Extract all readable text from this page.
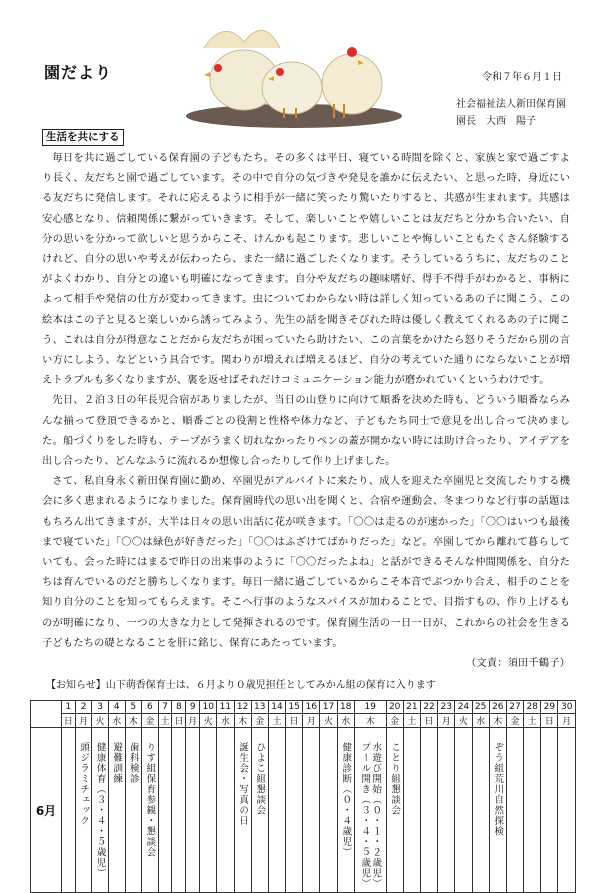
園だより	令和７年６月１日
社会福祉法人新田保育園
園長　大西　陽子
生活を共にする

毎日を共に過ごしている保育園の子どもたち。その多くは平日、寝ている時間を除くと、家族と家で過ごすより長く、友だちと園で過ごしています。その中で自分の気づきや発見を誰かに伝えたい、と思った時、身近にいる友だちに発信します。それに応えるように相手が一緒に笑ったり驚いたりすると、共感が生まれます。共感は安心感となり、信頼関係に繋がっていきます。そして、楽しいことや嬉しいことは友だちと分かち合いたい、自分の思いを分かって欲しいと思うからこそ、けんかも起こります。悲しいことや悔しいこともたくさん経験するけれど、自分の思いや考えが伝わったら、また一緒に過ごしたくなります。そうしているうちに、友だちのことがよくわかり、自分との違いも明確になってきます。自分や友だちの趣味嗜好、得手不得手がわかると、事柄によって相手や発信の仕方が変わってきます。虫についてわからない時は詳しく知っているあの子に聞こう、この絵本はこの子と見ると楽しいから誘ってみよう、先生の話を聞きそびれた時は優しく教えてくれるあの子に聞こう、これは自分が得意なことだから友だちが困っていたら助けたい、この言葉をかけたら怒りそうだから別の言い方にしよう、などという具合です。関わりが増えれば増えるほど、自分の考えていた通りにならないことが増えトラブルも多くなりますが、裏を返せばそれだけコミュニケーション能力が磨かれていくというわけです。

先日、２泊３日の年長児合宿がありましたが、当日の山登りに向けて順番を決めた時も、どういう順番ならみんな揃って登頂できるかと、順番ごとの役割と性格や体力など、子どもたち同士で意見を出し合って決めました。船づくりをした時も、テープがうまく切れなかったりペンの蓋が開かない時には助け合ったり、アイデアを出し合ったり、どんなふうに流れるか想像し合ったりして作り上げました。

さて、私自身永く新田保育園に勤め、卒園児がアルバイトに来たり、成人を迎えた卒園児と交流したりする機会に多く恵まれるようになりました。保育園時代の思い出を聞くと、合宿や運動会、冬まつりなど行事の話題はもちろん出てきますが、大半は日々の思い出話に花が咲きます。「〇〇は走るのが速かった」「〇〇はいつも最後まで寝ていた」「〇〇は緑色が好きだった」「〇〇はふざけてばかりだった」など。卒園してから離れて暮らしていても、会った時にはまるで昨日の出来事のように「〇〇だったよね」と話ができるそんな仲間関係を、自分たちは育んでいるのだと勝ちしくなります。毎日一緒に過ごしているからこそ本音でぶつかり合え、相手のことを知り自分のことを知ってもらえます。そこへ行事のようなスパイスが加わることで、目指すもの、作り上げるものが明確になり、一つの大きな力として発揮されるのです。保育園生活の一日一日が、これからの社会を生きる子どもたちの礎となることを肝に銘じ、保育にあたっています。

（文責：須田千鶴子）

【お知らせ】山下萌香保育士は、６月より０歳児担任としてみかん組の保育に入ります
	1	2	3	4	5	6	7	8	9	10	11	12	13	14	15	16	17	18	19	20	21	22	23	24	25	26	27	28	29	30
	日	月	火	水	木	金	土	日	月	火	水	木	金	土	日	月	火	水	木	金	土	日	月	火	水	木	金	土	日	月
6月		頭ジラミチェック	健康体育（３・４・５歳児）	避難訓練	歯科検診	りす組保育参観・懇談会						誕生会・写真の日	ひよこ組懇談会					健康診断（０・４歳児）	プール開き（３・４・５歳児）水遊び開始（０・１・２歳児）	ことり組懇談会						ぞう組荒川自然探検				
